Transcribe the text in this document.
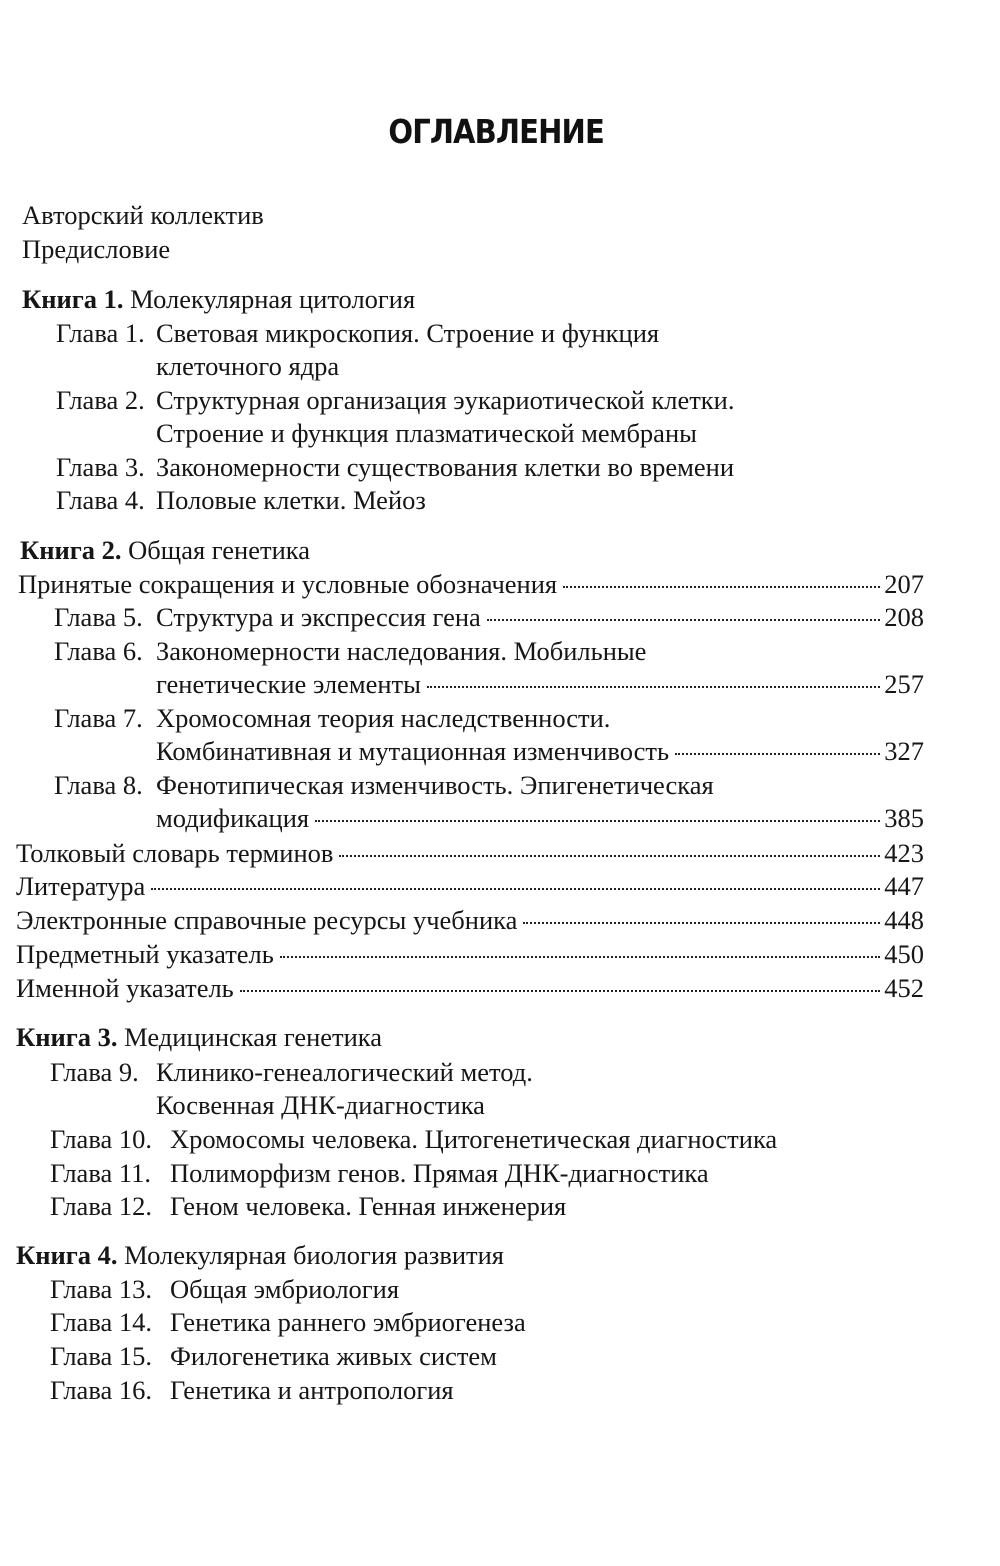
ОГЛАВЛЕНИЕ
Авторский коллектив
Предисловие
Книга 1. Молекулярная цитология
Глава 1. Световая микроскопия. Строение и функция
клеточного ядра
Глава 2. Структурная организация эукариотической клетки.
Строение и функция плазматической мембраны
Глава 3. Закономерности существования клетки во времени
Глава 4. Половые клетки. Мейоз
Книга 2. Общая генетика
Принятые сокращения и условные обозначения	207
Глава 5. Структура и экспрессия гена	208
Глава 6. Закономерности наследования. Мобильные
генетические элементы	257
Глава 7. Хромосомная теория наследственности.
Комбинативная и мутационная изменчивость	327
Глава 8. Фенотипическая изменчивость. Эпигенетическая
модификация	385
Толковый словарь терминов	423
Литература	447
Электронные справочные ресурсы учебника	448
Предметный указатель	450
Именной указатель	452
Книга 3. Медицинская генетика
Глава 9. Клинико-генеалогический метод.
Косвенная ДНК-диагностика
Глава 10. Хромосомы человека. Цитогенетическая диагностика
Глава 11. Полиморфизм генов. Прямая ДНК-диагностика
Глава 12. Геном человека. Генная инженерия
Книга 4. Молекулярная биология развития
Глава 13. Общая эмбриология
Глава 14. Генетика раннего эмбриогенеза
Глава 15. Филогенетика живых систем
Глава 16. Генетика и антропология
